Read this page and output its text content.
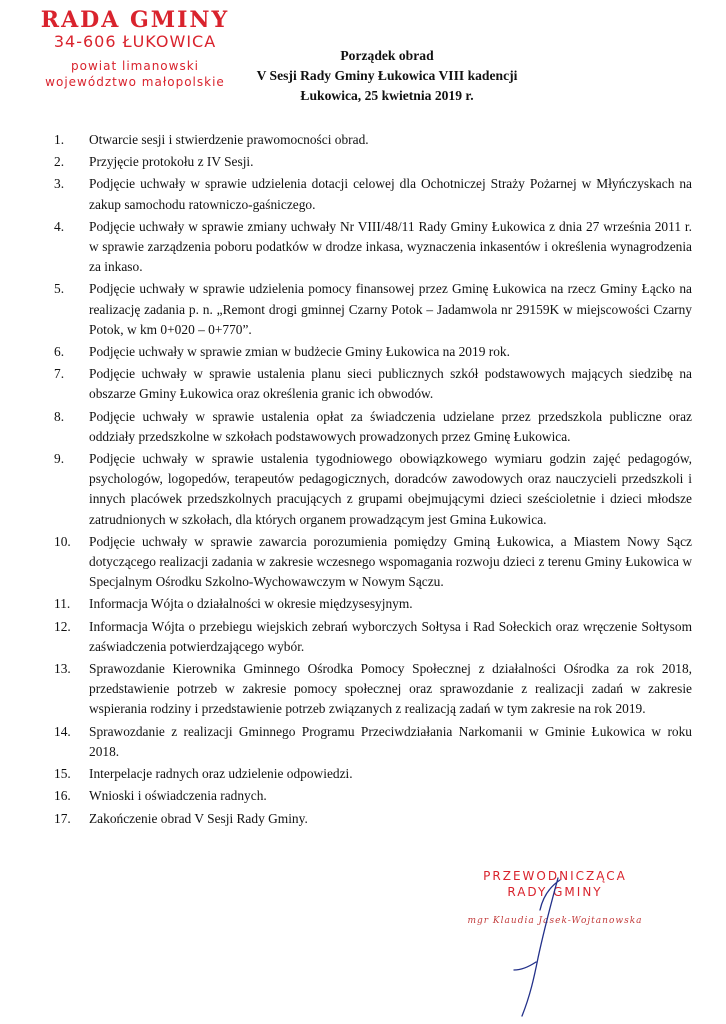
RADA GMINY
34-606 ŁUKOWICA
powiat limanowski
województwo małopolskie
Porządek obrad
V Sesji Rady Gminy Łukowica VIII kadencji
Łukowica, 25 kwietnia 2019 r.
1.	Otwarcie sesji i stwierdzenie prawomocności obrad.
2.	Przyjęcie protokołu z IV Sesji.
3.	Podjęcie uchwały w sprawie udzielenia dotacji celowej dla Ochotniczej Straży Pożarnej w Młyńczyskach na zakup samochodu ratowniczo-gaśniczego.
4.	Podjęcie uchwały w sprawie zmiany uchwały Nr VIII/48/11 Rady Gminy Łukowica z dnia 27 września 2011 r. w sprawie zarządzenia poboru podatków w drodze inkasa, wyznaczenia inkasentów i określenia wynagrodzenia za inkaso.
5.	Podjęcie uchwały w sprawie udzielenia pomocy finansowej przez Gminę Łukowica na rzecz Gminy Łącko na realizację zadania p. n. „Remont drogi gminnej Czarny Potok – Jadamwola nr 29159K w miejscowości Czarny Potok, w km 0+020 – 0+770”.
6.	Podjęcie uchwały w sprawie zmian w budżecie Gminy Łukowica na 2019 rok.
7.	Podjęcie uchwały w sprawie ustalenia planu sieci publicznych szkół podstawowych mających siedzibę na obszarze Gminy Łukowica oraz określenia granic ich obwodów.
8.	Podjęcie uchwały w sprawie ustalenia opłat za świadczenia udzielane przez przedszkola publiczne oraz oddziały przedszkolne w szkołach podstawowych prowadzonych przez Gminę Łukowica.
9.	Podjęcie uchwały w sprawie ustalenia tygodniowego obowiązkowego wymiaru godzin zajęć pedagogów, psychologów, logopedów, terapeutów pedagogicznych, doradców zawodowych oraz nauczycieli przedszkoli i innych placówek przedszkolnych pracujących z grupami obejmującymi dzieci sześcioletnie i dzieci młodsze zatrudnionych w szkołach, dla których organem prowadzącym jest Gmina Łukowica.
10.	Podjęcie uchwały w sprawie zawarcia porozumienia pomiędzy Gminą Łukowica, a Miastem Nowy Sącz dotyczącego realizacji zadania w zakresie wczesnego wspomagania rozwoju dzieci z terenu Gminy Łukowica w Specjalnym Ośrodku Szkolno-Wychowawczym w Nowym Sączu.
11.	Informacja Wójta o działalności w okresie międzysesyjnym.
12.	Informacja Wójta o przebiegu wiejskich zebrań wyborczych Sołtysa i Rad Sołeckich oraz wręczenie Sołtysom zaświadczenia potwierdzającego wybór.
13.	Sprawozdanie Kierownika Gminnego Ośrodka Pomocy Społecznej z działalności Ośrodka za rok 2018, przedstawienie potrzeb w zakresie pomocy społecznej oraz sprawozdanie z realizacji zadań w zakresie wspierania rodziny i przedstawienie potrzeb związanych z realizacją zadań w tym zakresie na rok 2019.
14.	Sprawozdanie z realizacji Gminnego Programu Przeciwdziałania Narkomanii w Gminie Łukowica w roku 2018.
15.	Interpelacje radnych oraz udzielenie odpowiedzi.
16.	Wnioski i oświadczenia radnych.
17.	Zakończenie obrad V Sesji Rady Gminy.
PRZEWODNICZĄCA
RADY GMINY
mgr Klaudia Jasek-Wojtanowska
